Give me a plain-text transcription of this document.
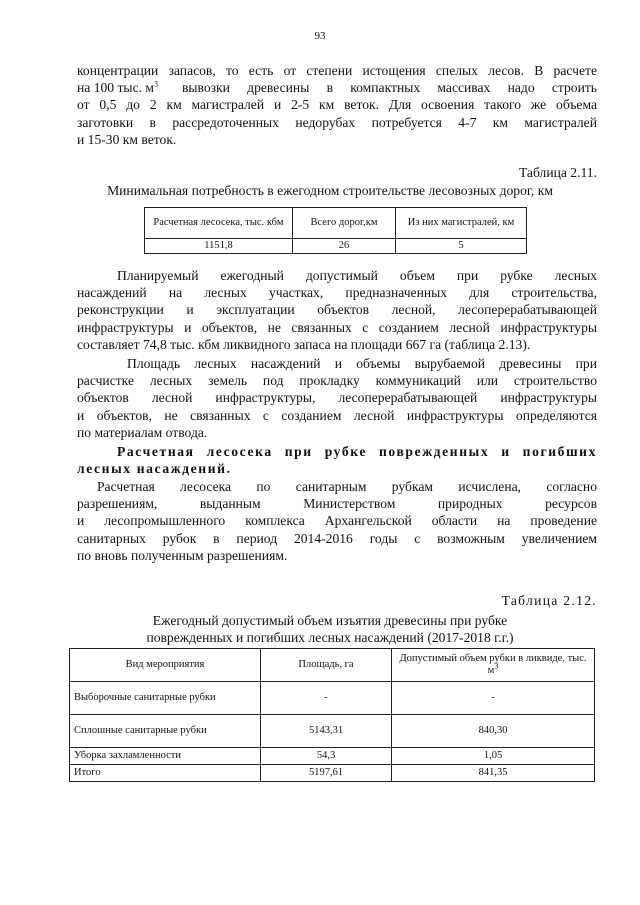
93
концентрации запасов, то есть от степени истощения спелых лесов. В расчете
на 100 тыс. $м^3$ вывозки древесины в компактных массивах надо строить
от 0,5 до 2 км магистралей и 2-5 км веток. Для освоения такого же объема
заготовки в рассредоточенных недорубах потребуется 4-7 км магистралей
и 15-30 км веток.
Таблица 2.11.
Минимальная потребность в ежегодном строительстве лесовозных дорог, км
Расчетная лесосека, тыс. кбм	Всего дорог,км	Из них магистралей, км
1151,8	26	5
Планируемый ежегодный допустимый объем при рубке лесных
насаждений на лесных участках, предназначенных для строительства,
реконструкции и эксплуатации объектов лесной, лесоперерабатывающей
инфраструктуры и объектов, не связанных с созданием лесной инфраструктуры
составляет 74,8 тыс. кбм ликвидного запаса на площади 667 га (таблица 2.13).
Площадь лесных насаждений и объемы вырубаемой древесины при
расчистке лесных земель под прокладку коммуникаций или строительство
объектов лесной инфраструктуры, лесоперерабатывающей инфраструктуры
и объектов, не связанных с созданием лесной инфраструктуры определяются
по материалам отвода.
Расчетная лесосека при рубке поврежденных и погибших
лесных насаждений.
Расчетная лесосека по санитарным рубкам исчислена, согласно
разрешениям, выданным Министерством природных ресурсов
и лесопромышленного комплекса Архангельской области на проведение
санитарных рубок в период 2014-2016 годы с возможным увеличением
по вновь полученным разрешениям.
Таблица 2.12.
Ежегодный допустимый объем изъятия древесины при рубке
поврежденных и погибших лесных насаждений (2017-2018 г.г.)
Вид мероприятия	Площадь, га	Допустимый объем рубки в ликвиде, тыс. $м^3$
Выборочные санитарные рубки	-	-
Сплошные санитарные рубки	5143,31	840,30
Уборка захламленности	54,3	1,05
Итого	5197,61	841,35
